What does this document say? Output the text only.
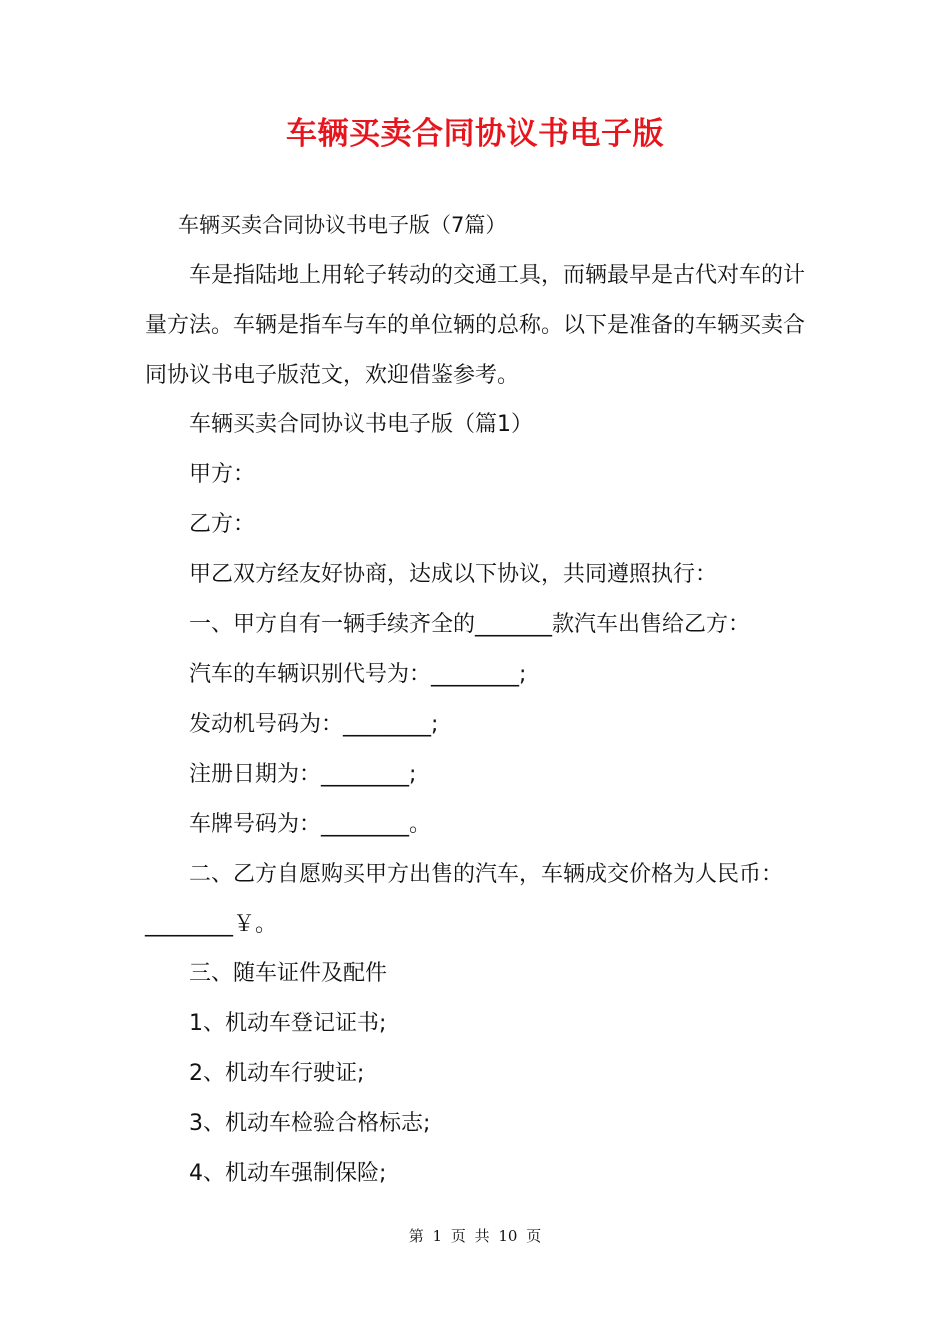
车辆买卖合同协议书电子版
车辆买卖合同协议书电子版（7篇）
车是指陆地上用轮子转动的交通工具，而辆最早是古代对车的计
量方法。车辆是指车与车的单位辆的总称。以下是准备的车辆买卖合
同协议书电子版范文，欢迎借鉴参考。
车辆买卖合同协议书电子版（篇1）
甲方：
乙方：
甲乙双方经友好协商，达成以下协议，共同遵照执行：
一、甲方自有一辆手续齐全的_______款汽车出售给乙方：
汽车的车辆识别代号为：________;
发动机号码为：________;
注册日期为：________;
车牌号码为：________。
二、乙方自愿购买甲方出售的汽车，车辆成交价格为人民币：
________￥。
三、随车证件及配件
1、机动车登记证书;
2、机动车行驶证;
3、机动车检验合格标志;
4、机动车强制保险;
第 1 页 共 10 页
